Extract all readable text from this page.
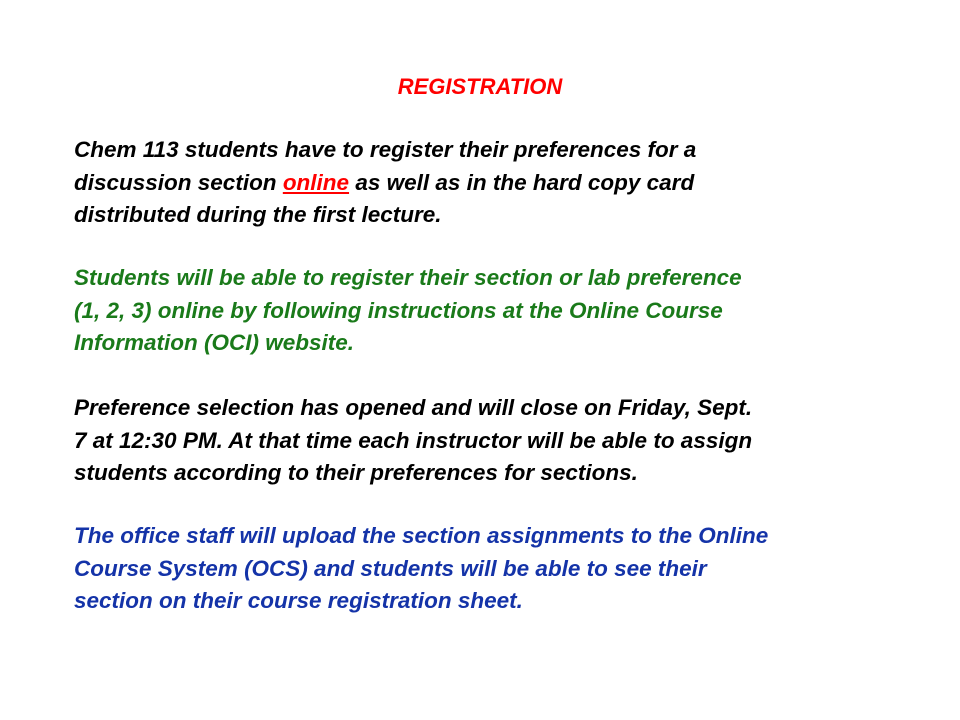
REGISTRATION

Chem 113 students have to register their preferences for a
discussion section online as well as in the hard copy card
distributed during the first lecture.

Students will be able to register their section or lab preference
(1, 2, 3) online by following instructions at the Online Course
Information (OCI) website.

Preference selection has opened and will close on Friday, Sept.
7 at 12:30 PM. At that time each instructor will be able to assign
students according to their preferences for sections.

The office staff will upload the section assignments to the Online
Course System (OCS) and students will be able to see their
section on their course registration sheet.
